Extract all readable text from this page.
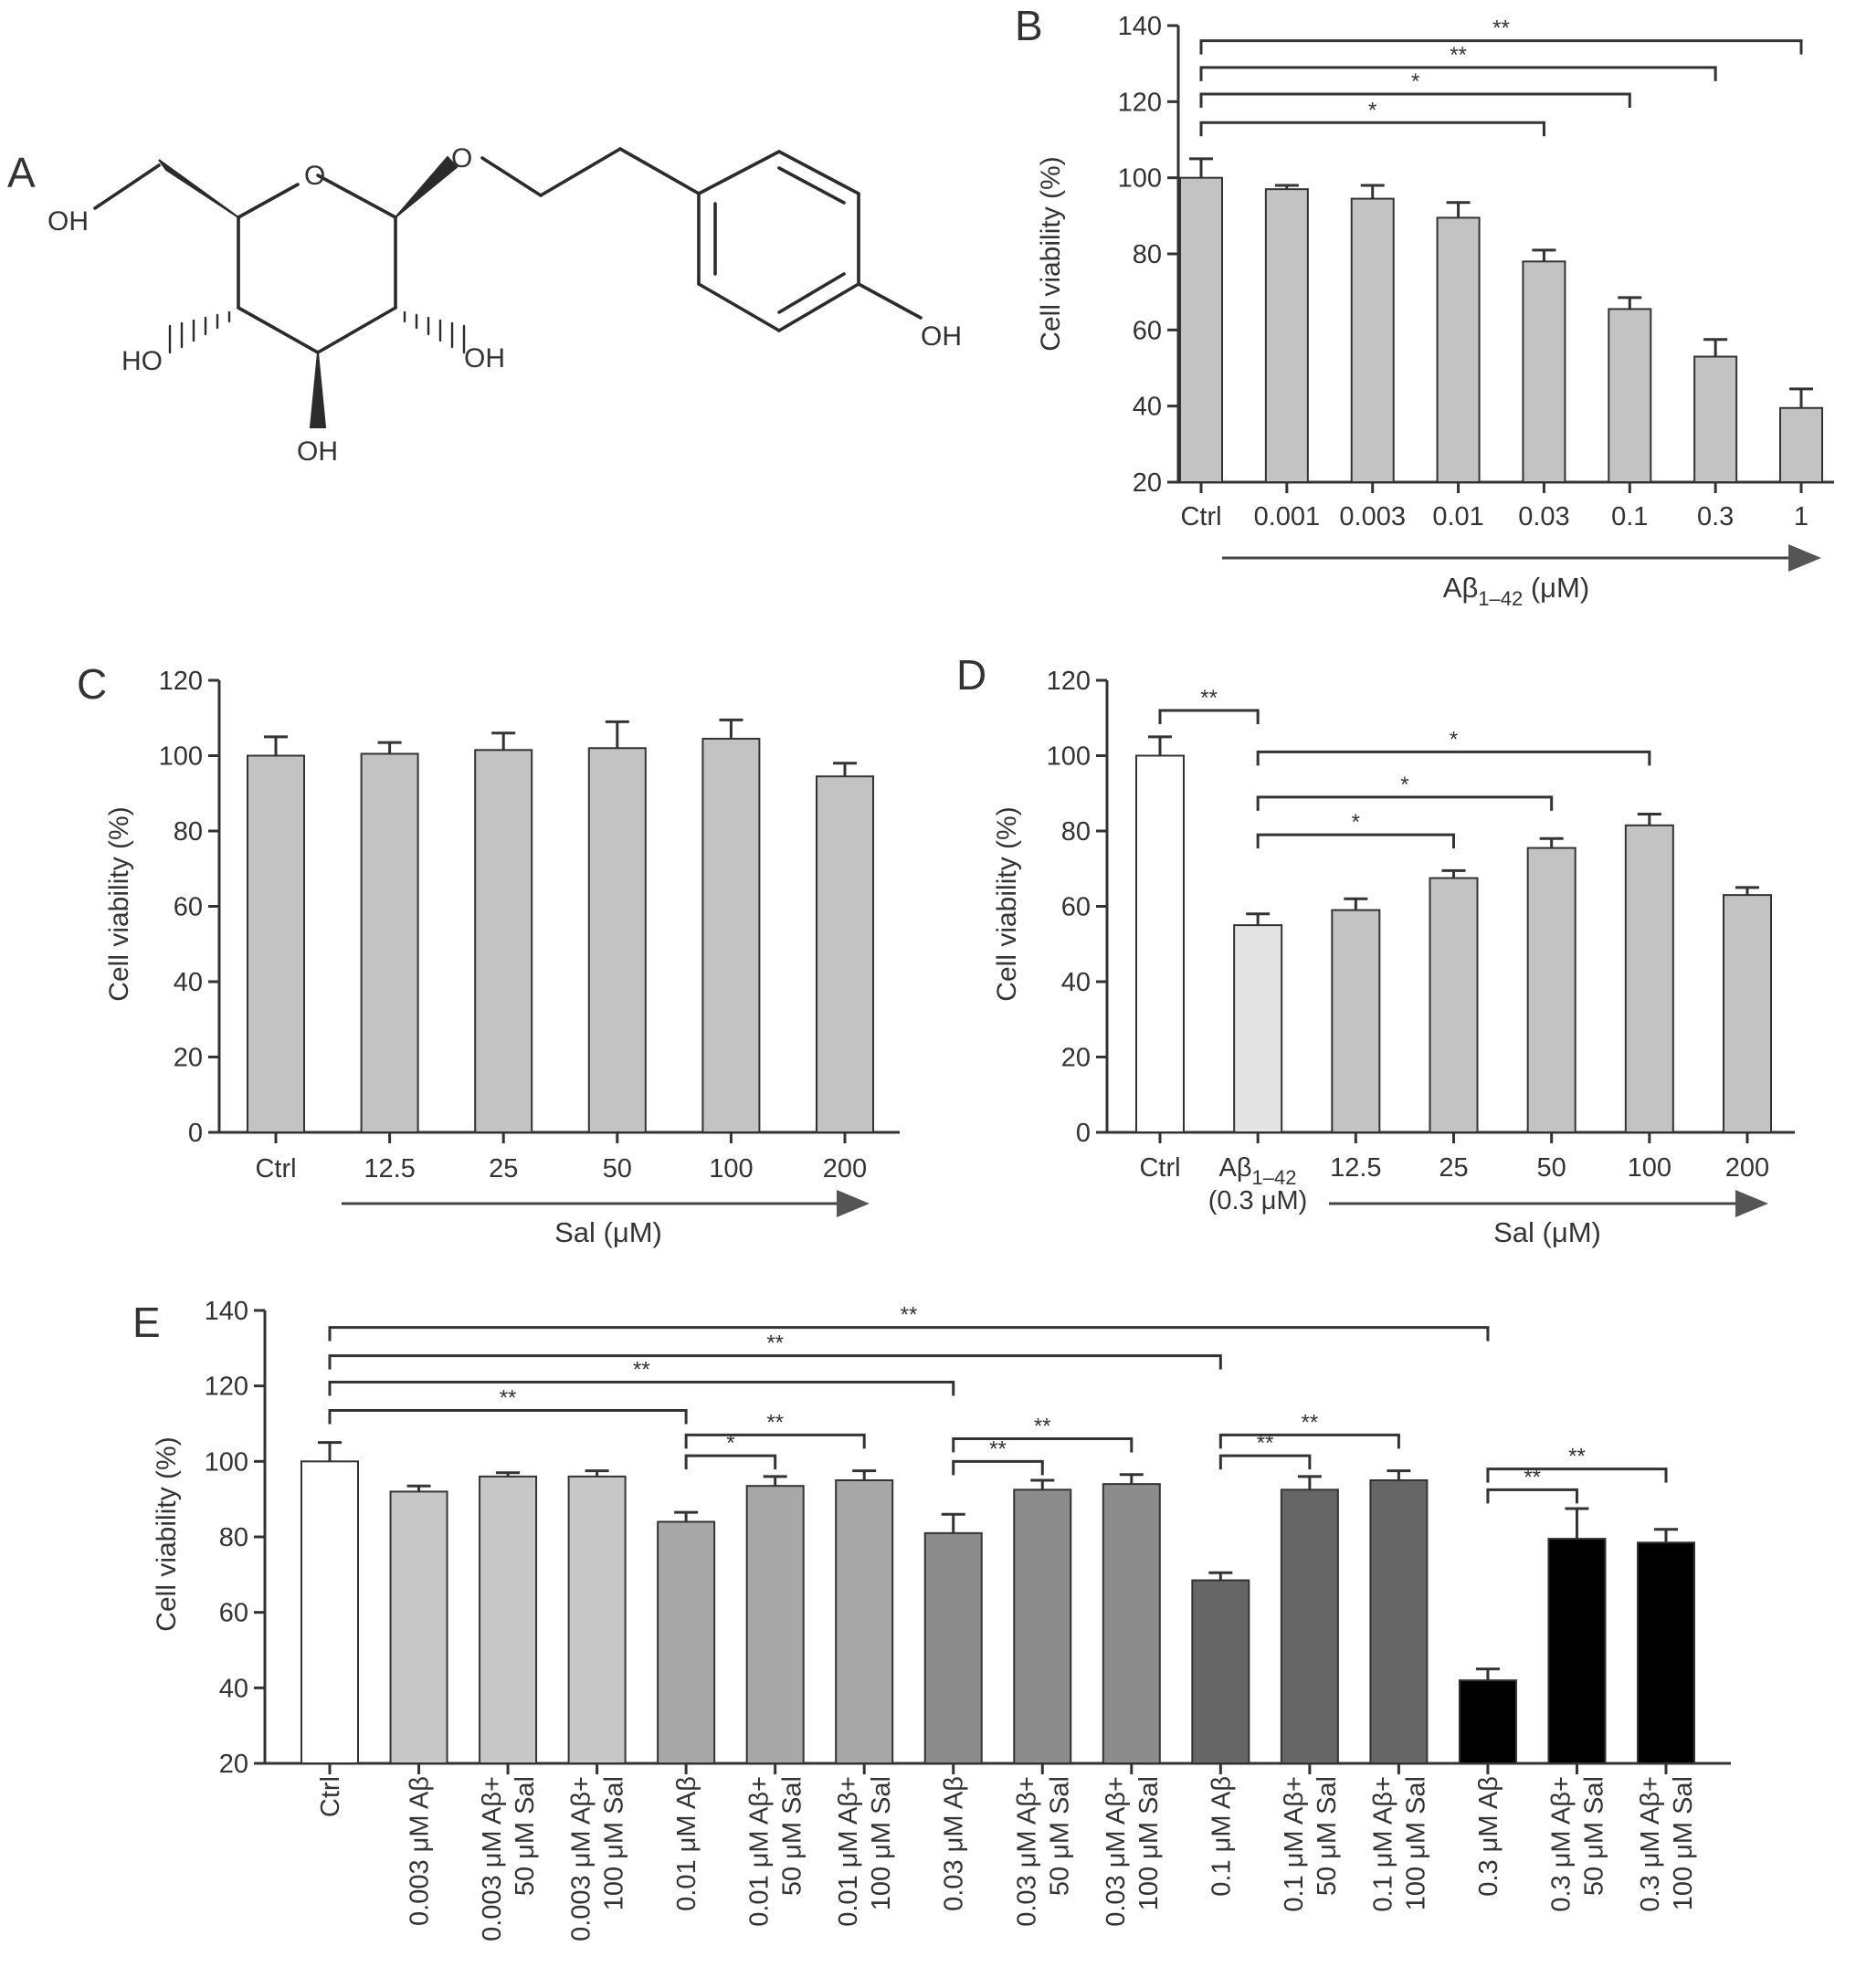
A
OH
O
O
HO	OH
OH
OH
B
$A\beta_{1-42}$ (μM)
20
40
60
80
100
120
140
Cell viability (%)
Ctrl 0.001 0.003 0.01 0.03 0.1 0.3 1
**
**
*
*
C
Sal (μM)
0
20
40
60
80
100
120
Cell viability (%)
Ctrl	12.5	25	50	100	200
D
$A\beta_{1-42}$
(0.3 μM)
Sal (μM)
0
20
40
60
80
100
120
Cell viability (%)
Ctrl	12.5 25	50 100 200
**
*
*
*
E
20
40
60
80
100
120
140
Cell viability (%)
Ctrl 0.003 μM Aβ 0.003 μM Aβ+ 50 μM Sal 0.003 μM Aβ+ 100 μM Sal 0.01 μM Aβ 0.01 μM Aβ+ 50 μM Sal 0.01 μM Aβ+ 100 μM Sal 0.03 μM Aβ 0.03 μM Aβ+ 50 μM Sal 0.03 μM Aβ+ 100 μM Sal 0.1 μM Aβ 0.1 μM Aβ+ 50 μM Sal 0.1 μM Aβ+ 100 μM Sal 0.3 μM Aβ 0.3 μM Aβ+ 50 μM Sal 0.3 μM Aβ+ 100 μM Sal
**
**
**
**
**
*
**
**
**
**
**
**
